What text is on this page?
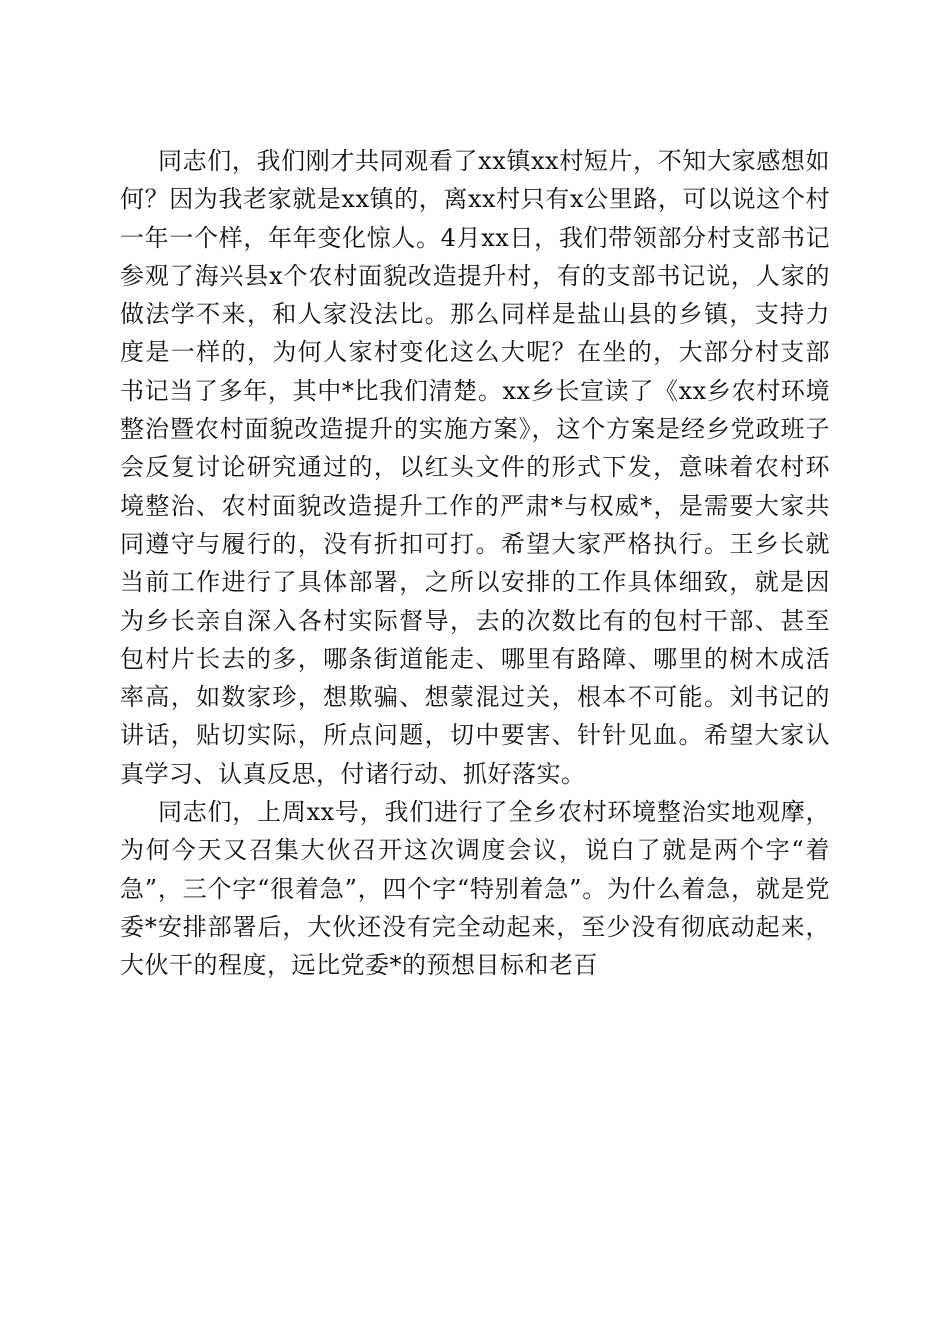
同志们，我们刚才共同观看了xx镇xx村短片，不知大家感想如何？因为我老家就是xx镇的，离xx村只有x公里路，可以说这个村一年一个样，年年变化惊人。4月xx日，我们带领部分村支部书记参观了海兴县x个农村面貌改造提升村，有的支部书记说，人家的做法学不来，和人家没法比。那么同样是盐山县的乡镇，支持力度是一样的，为何人家村变化这么大呢？在坐的，大部分村支部书记当了多年，其中*比我们清楚。xx乡长宣读了《xx乡农村环境整治暨农村面貌改造提升的实施方案》，这个方案是经乡党政班子会反复讨论研究通过的，以红头文件的形式下发，意味着农村环境整治、农村面貌改造提升工作的严肃*与权威*，是需要大家共同遵守与履行的，没有折扣可打。希望大家严格执行。王乡长就当前工作进行了具体部署，之所以安排的工作具体细致，就是因为乡长亲自深入各村实际督导，去的次数比有的包村干部、甚至包村片长去的多，哪条街道能走、哪里有路障、哪里的树木成活率高，如数家珍，想欺骗、想蒙混过关，根本不可能。刘书记的讲话，贴切实际，所点问题，切中要害、针针见血。希望大家认真学习、认真反思，付诸行动、抓好落实。

同志们，上周xx号，我们进行了全乡农村环境整治实地观摩，为何今天又召集大伙召开这次调度会议，说白了就是两个字“着急”，三个字“很着急”，四个字“特别着急”。为什么着急，就是党委*安排部署后，大伙还没有完全动起来，至少没有彻底动起来，大伙干的程度，远比党委*的预想目标和老百
